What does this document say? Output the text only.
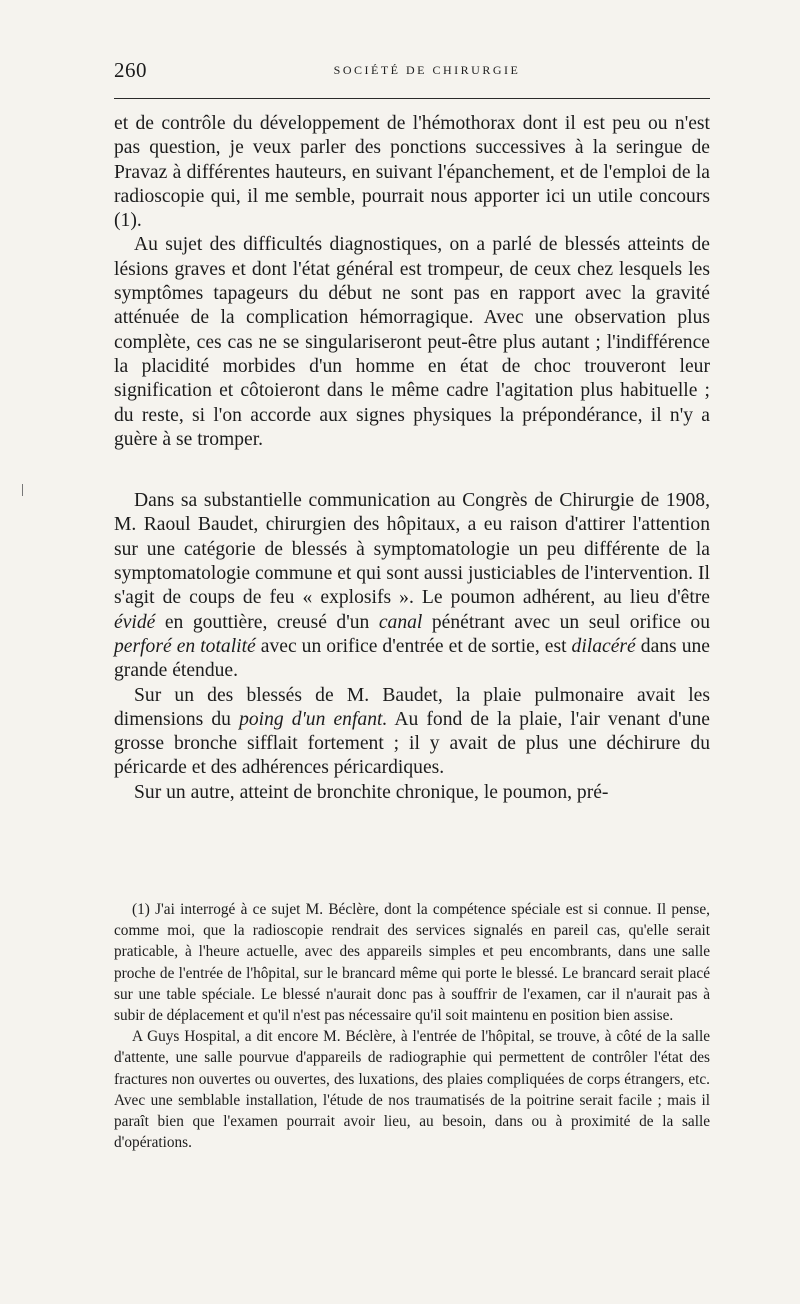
260	SOCIÉTÉ DE CHIRURGIE

et de contrôle du développement de l'hémothorax dont il est peu ou n'est pas question, je veux parler des ponctions successives à la seringue de Pravaz à différentes hauteurs, en suivant l'épanchement, et de l'emploi de la radioscopie qui, il me semble, pourrait nous apporter ici un utile concours (1).

Au sujet des difficultés diagnostiques, on a parlé de blessés atteints de lésions graves et dont l'état général est trompeur, de ceux chez lesquels les symptômes tapageurs du début ne sont pas en rapport avec la gravité atténuée de la complication hémorragique. Avec une observation plus complète, ces cas ne se singulariseront peut-être plus autant ; l'indifférence la placidité morbides d'un homme en état de choc trouveront leur signification et côtoieront dans le même cadre l'agitation plus habituelle ; du reste, si l'on accorde aux signes physiques la prépondérance, il n'y a guère à se tromper.

Dans sa substantielle communication au Congrès de Chirurgie de 1908, M. Raoul Baudet, chirurgien des hôpitaux, a eu raison d'attirer l'attention sur une catégorie de blessés à symptomatologie un peu différente de la symptomatologie commune et qui sont aussi justiciables de l'intervention. Il s'agit de coups de feu « explosifs ». Le poumon adhérent, au lieu d'être évidé en gouttière, creusé d'un canal pénétrant avec un seul orifice ou perforé en totalité avec un orifice d'entrée et de sortie, est dilacéré dans une grande étendue.

Sur un des blessés de M. Baudet, la plaie pulmonaire avait les dimensions du poing d'un enfant. Au fond de la plaie, l'air venant d'une grosse bronche sifflait fortement ; il y avait de plus une déchirure du péricarde et des adhérences péricardiques.

Sur un autre, atteint de bronchite chronique, le poumon, pré-

(1) J'ai interrogé à ce sujet M. Béclère, dont la compétence spéciale est si connue. Il pense, comme moi, que la radioscopie rendrait des services signalés en pareil cas, qu'elle serait praticable, à l'heure actuelle, avec des appareils simples et peu encombrants, dans une salle proche de l'entrée de l'hôpital, sur le brancard même qui porte le blessé. Le brancard serait placé sur une table spéciale. Le blessé n'aurait donc pas à souffrir de l'examen, car il n'aurait pas à subir de déplacement et qu'il n'est pas nécessaire qu'il soit maintenu en position bien assise.

A Guys Hospital, a dit encore M. Béclère, à l'entrée de l'hôpital, se trouve, à côté de la salle d'attente, une salle pourvue d'appareils de radiographie qui permettent de contrôler l'état des fractures non ouvertes ou ouvertes, des luxations, des plaies compliquées de corps étrangers, etc. Avec une semblable installation, l'étude de nos traumatisés de la poitrine serait facile ; mais il paraît bien que l'examen pourrait avoir lieu, au besoin, dans ou à proximité de la salle d'opérations.
